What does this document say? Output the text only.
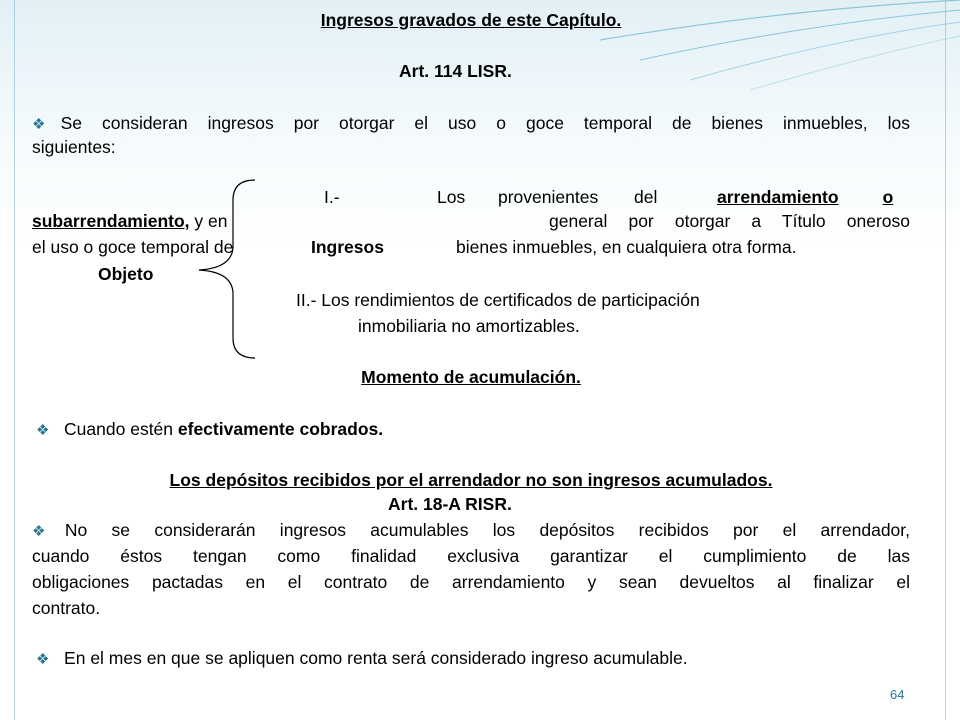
Ingresos gravados de este Capítulo.
Art. 114 LISR.
❖Se consideran ingresos por otorgar el uso o goce temporal de bienes inmuebles, los
siguientes:
I.-	Los provenientes del	arrendamiento	o
subarrendamiento, y en	general por otorgar a Título oneroso
el uso o goce temporal de	Ingresos	bienes inmuebles, en cualquiera otra forma.
Objeto
II.- Los rendimientos de certificados de participación
inmobiliaria no amortizables.
Momento de acumulación.
❖ Cuando estén efectivamente cobrados.
Los depósitos recibidos por el arrendador no son ingresos acumulados.
Art. 18-A RISR.
❖No se considerarán ingresos acumulables los depósitos recibidos por el arrendador,
cuando éstos tengan como finalidad exclusiva garantizar el cumplimiento de las
obligaciones pactadas en el contrato de arrendamiento y sean devueltos al finalizar el
contrato.
❖ En el mes en que se apliquen como renta será considerado ingreso acumulable.
64
